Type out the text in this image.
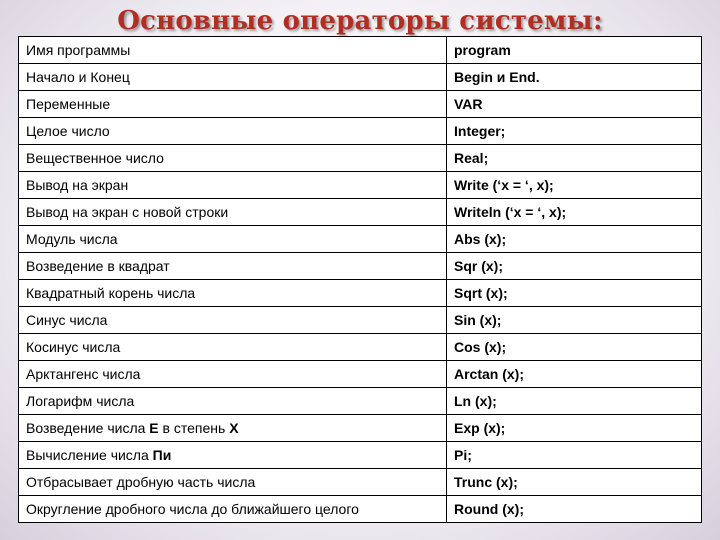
Основные операторы системы:
Имя программы	program
Начало и Конец	Begin и End.
Переменные	VAR
Целое число	Integer;
Вещественное число	Real;
Вывод на экран	Write (‘x = ‘, x);
Вывод на экран с новой строки	Writeln (‘x = ‘, x);
Модуль числа	Abs (x);
Возведение в квадрат	Sqr (x);
Квадратный корень числа	Sqrt (x);
Синус числа	Sin (x);
Косинус числа	Cos (x);
Арктангенс числа	Arctan (x);
Логарифм числа	Ln (x);
Возведение числа E в степень X	Exp (x);
Вычисление числа Пи	Pi;
Отбрасывает дробную часть числа	Trunc (x);
Округление дробного числа до ближайшего целого	Round (x);
